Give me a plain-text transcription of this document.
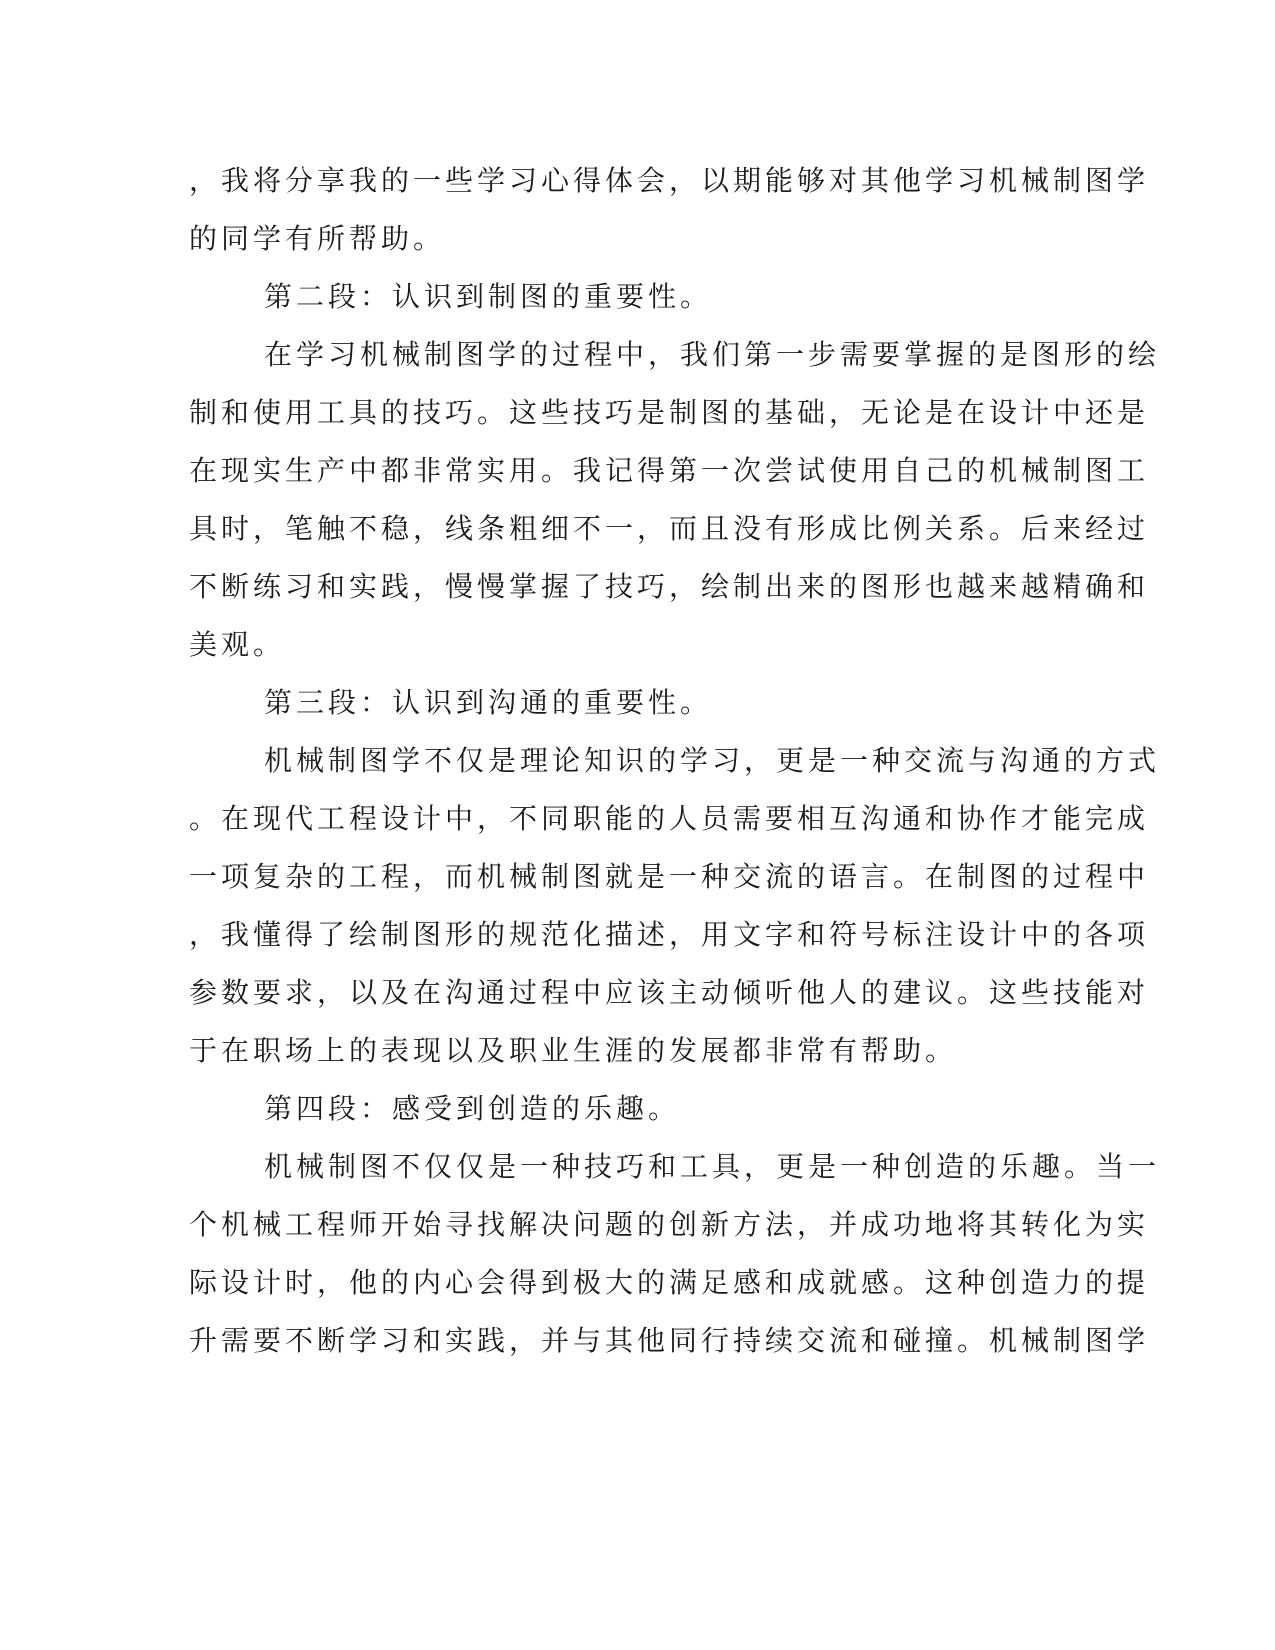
，我将分享我的一些学习心得体会，以期能够对其他学习机械制图学
的同学有所帮助。
第二段：认识到制图的重要性。
在学习机械制图学的过程中，我们第一步需要掌握的是图形的绘
制和使用工具的技巧。这些技巧是制图的基础，无论是在设计中还是
在现实生产中都非常实用。我记得第一次尝试使用自己的机械制图工
具时，笔触不稳，线条粗细不一，而且没有形成比例关系。后来经过
不断练习和实践，慢慢掌握了技巧，绘制出来的图形也越来越精确和
美观。
第三段：认识到沟通的重要性。
机械制图学不仅是理论知识的学习，更是一种交流与沟通的方式
。在现代工程设计中，不同职能的人员需要相互沟通和协作才能完成
一项复杂的工程，而机械制图就是一种交流的语言。在制图的过程中
，我懂得了绘制图形的规范化描述，用文字和符号标注设计中的各项
参数要求，以及在沟通过程中应该主动倾听他人的建议。这些技能对
于在职场上的表现以及职业生涯的发展都非常有帮助。
第四段：感受到创造的乐趣。
机械制图不仅仅是一种技巧和工具，更是一种创造的乐趣。当一
个机械工程师开始寻找解决问题的创新方法，并成功地将其转化为实
际设计时，他的内心会得到极大的满足感和成就感。这种创造力的提
升需要不断学习和实践，并与其他同行持续交流和碰撞。机械制图学
